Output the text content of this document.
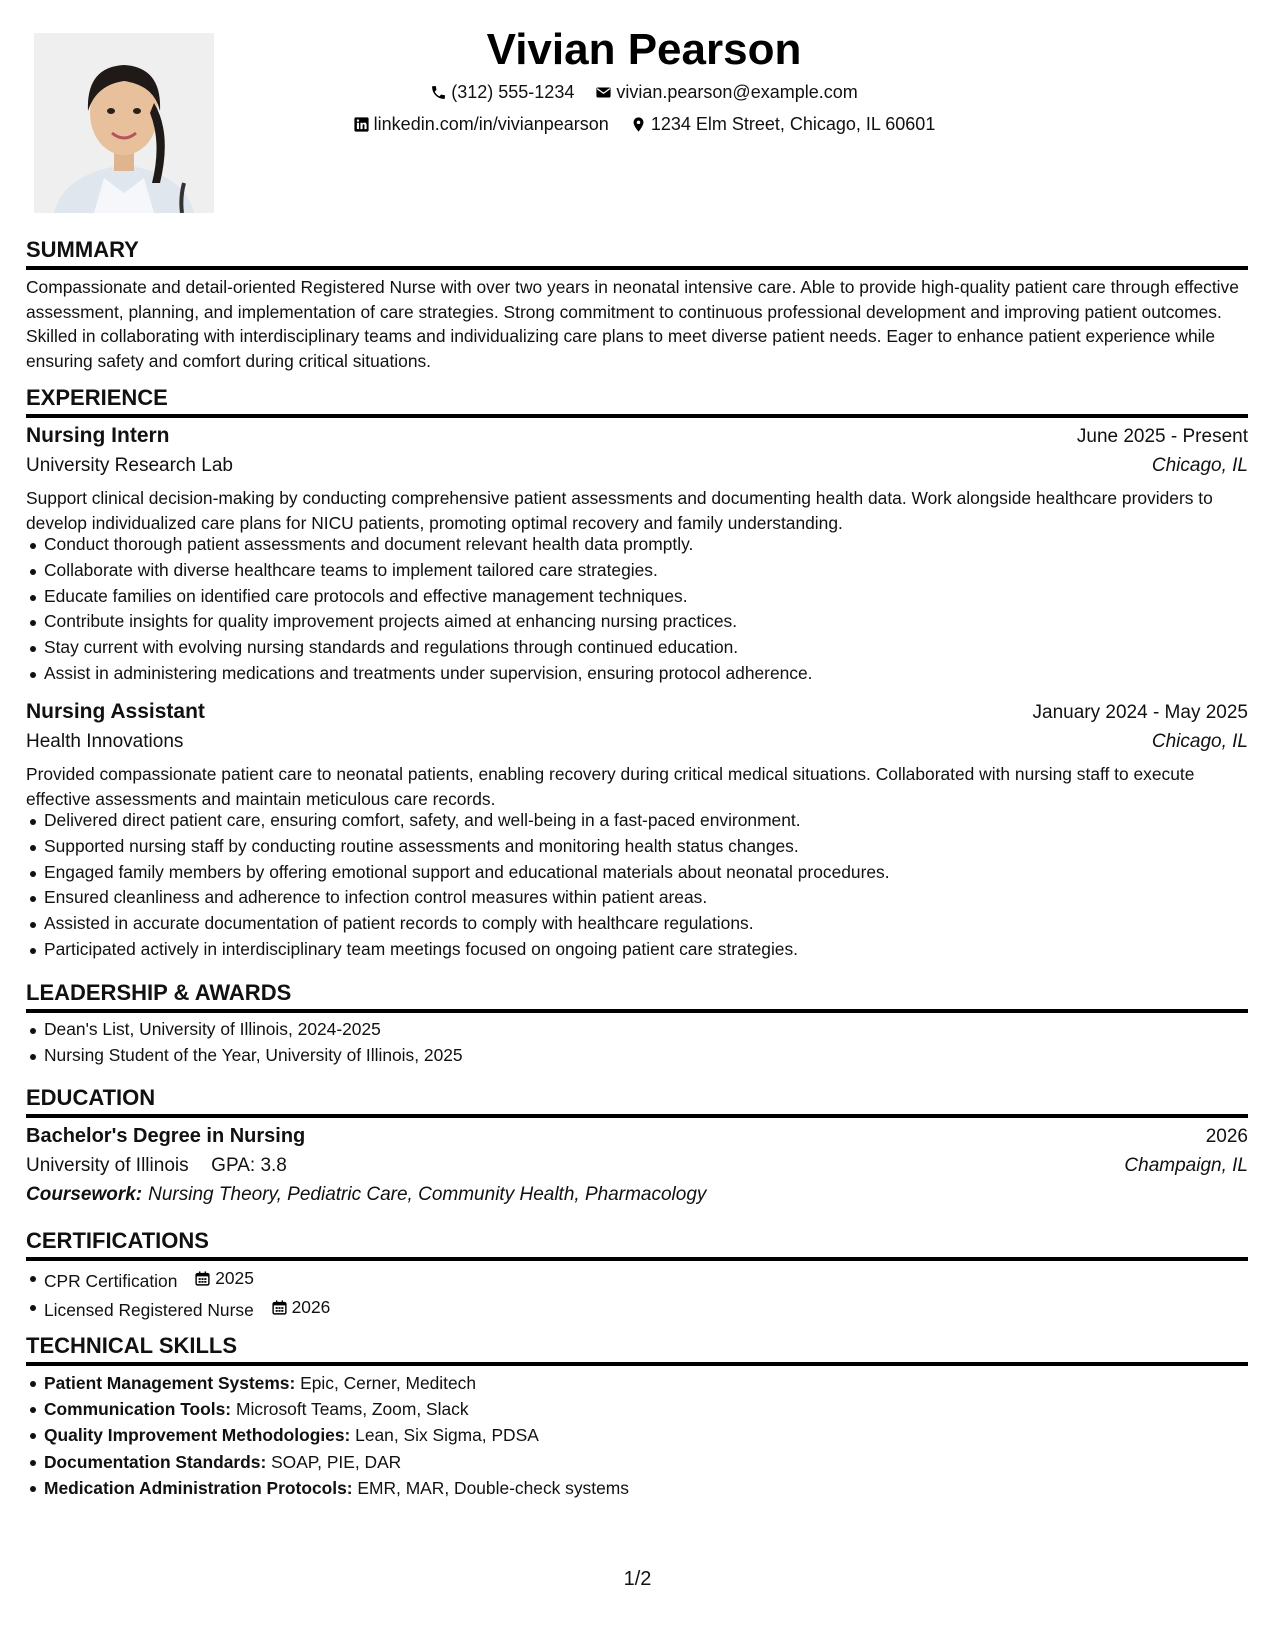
Vivian Pearson
(312) 555-1234
vivian.pearson@example.com
linkedin.com/in/vivianpearson
1234 Elm Street, Chicago, IL 60601
SUMMARY
Compassionate and detail-oriented Registered Nurse with over two years in neonatal intensive care. Able to provide high-quality patient care through effective assessment, planning, and implementation of care strategies. Strong commitment to continuous professional development and improving patient outcomes. Skilled in collaborating with interdisciplinary teams and individualizing care plans to meet diverse patient needs. Eager to enhance patient experience while ensuring safety and comfort during critical situations.
EXPERIENCE
Nursing Intern	June 2025 - Present
University Research Lab	Chicago, IL
Support clinical decision-making by conducting comprehensive patient assessments and documenting health data. Work alongside healthcare providers to develop individualized care plans for NICU patients, promoting optimal recovery and family understanding.
Conduct thorough patient assessments and document relevant health data promptly.
Collaborate with diverse healthcare teams to implement tailored care strategies.
Educate families on identified care protocols and effective management techniques.
Contribute insights for quality improvement projects aimed at enhancing nursing practices.
Stay current with evolving nursing standards and regulations through continued education.
Assist in administering medications and treatments under supervision, ensuring protocol adherence.
Nursing Assistant	January 2024 - May 2025
Health Innovations	Chicago, IL
Provided compassionate patient care to neonatal patients, enabling recovery during critical medical situations. Collaborated with nursing staff to execute effective assessments and maintain meticulous care records.
Delivered direct patient care, ensuring comfort, safety, and well-being in a fast-paced environment.
Supported nursing staff by conducting routine assessments and monitoring health status changes.
Engaged family members by offering emotional support and educational materials about neonatal procedures.
Ensured cleanliness and adherence to infection control measures within patient areas.
Assisted in accurate documentation of patient records to comply with healthcare regulations.
Participated actively in interdisciplinary team meetings focused on ongoing patient care strategies.
LEADERSHIP & AWARDS
Dean's List, University of Illinois, 2024-2025
Nursing Student of the Year, University of Illinois, 2025
EDUCATION
Bachelor's Degree in Nursing	2026
University of Illinois GPA: 3.8	Champaign, IL
Coursework: Nursing Theory, Pediatric Care, Community Health, Pharmacology
CERTIFICATIONS
CPR Certification 2025
Licensed Registered Nurse 2026
TECHNICAL SKILLS
Patient Management Systems: Epic, Cerner, Meditech
Communication Tools: Microsoft Teams, Zoom, Slack
Quality Improvement Methodologies: Lean, Six Sigma, PDSA
Documentation Standards: SOAP, PIE, DAR
Medication Administration Protocols: EMR, MAR, Double-check systems
1/2
